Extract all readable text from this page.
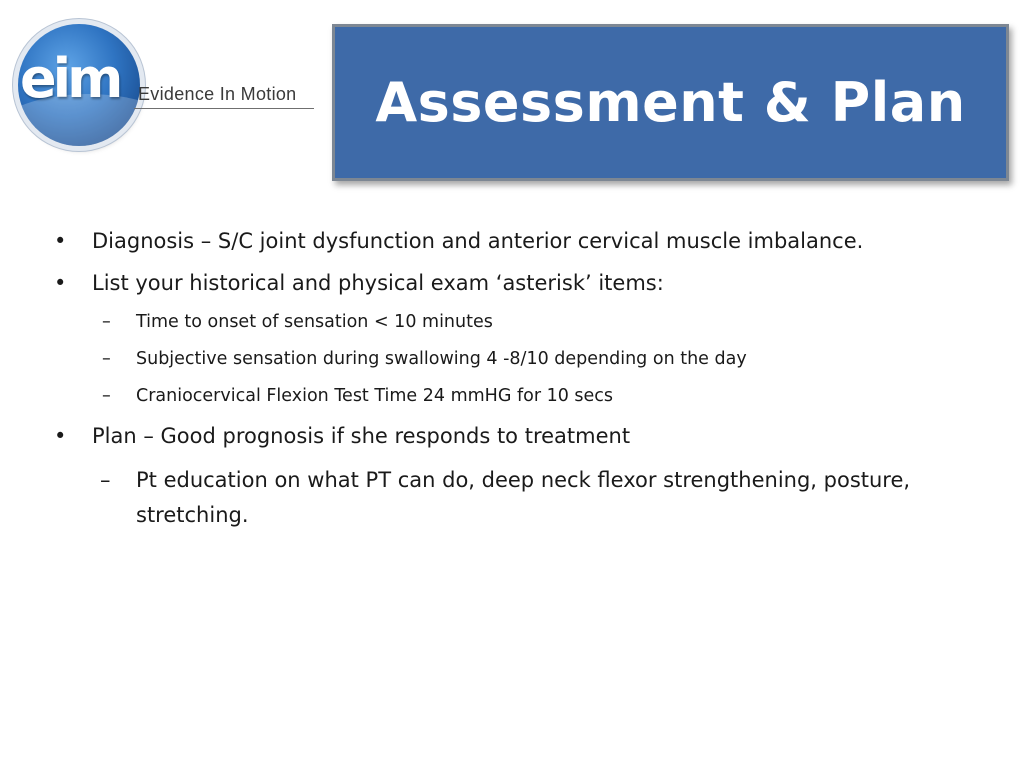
eim Evidence In Motion Assessment & Plan
•	Diagnosis – S/C joint dysfunction and anterior cervical muscle imbalance.
•	List your historical and physical exam ‘asterisk’ items:
– Time to onset of sensation < 10 minutes
– Subjective sensation during swallowing 4 -8/10 depending on the day
– Craniocervical Flexion Test Time 24 mmHG for 10 secs
•	Plan – Good prognosis if she responds to treatment
– Pt education on what PT can do, deep neck flexor strengthening, posture, stretching.
